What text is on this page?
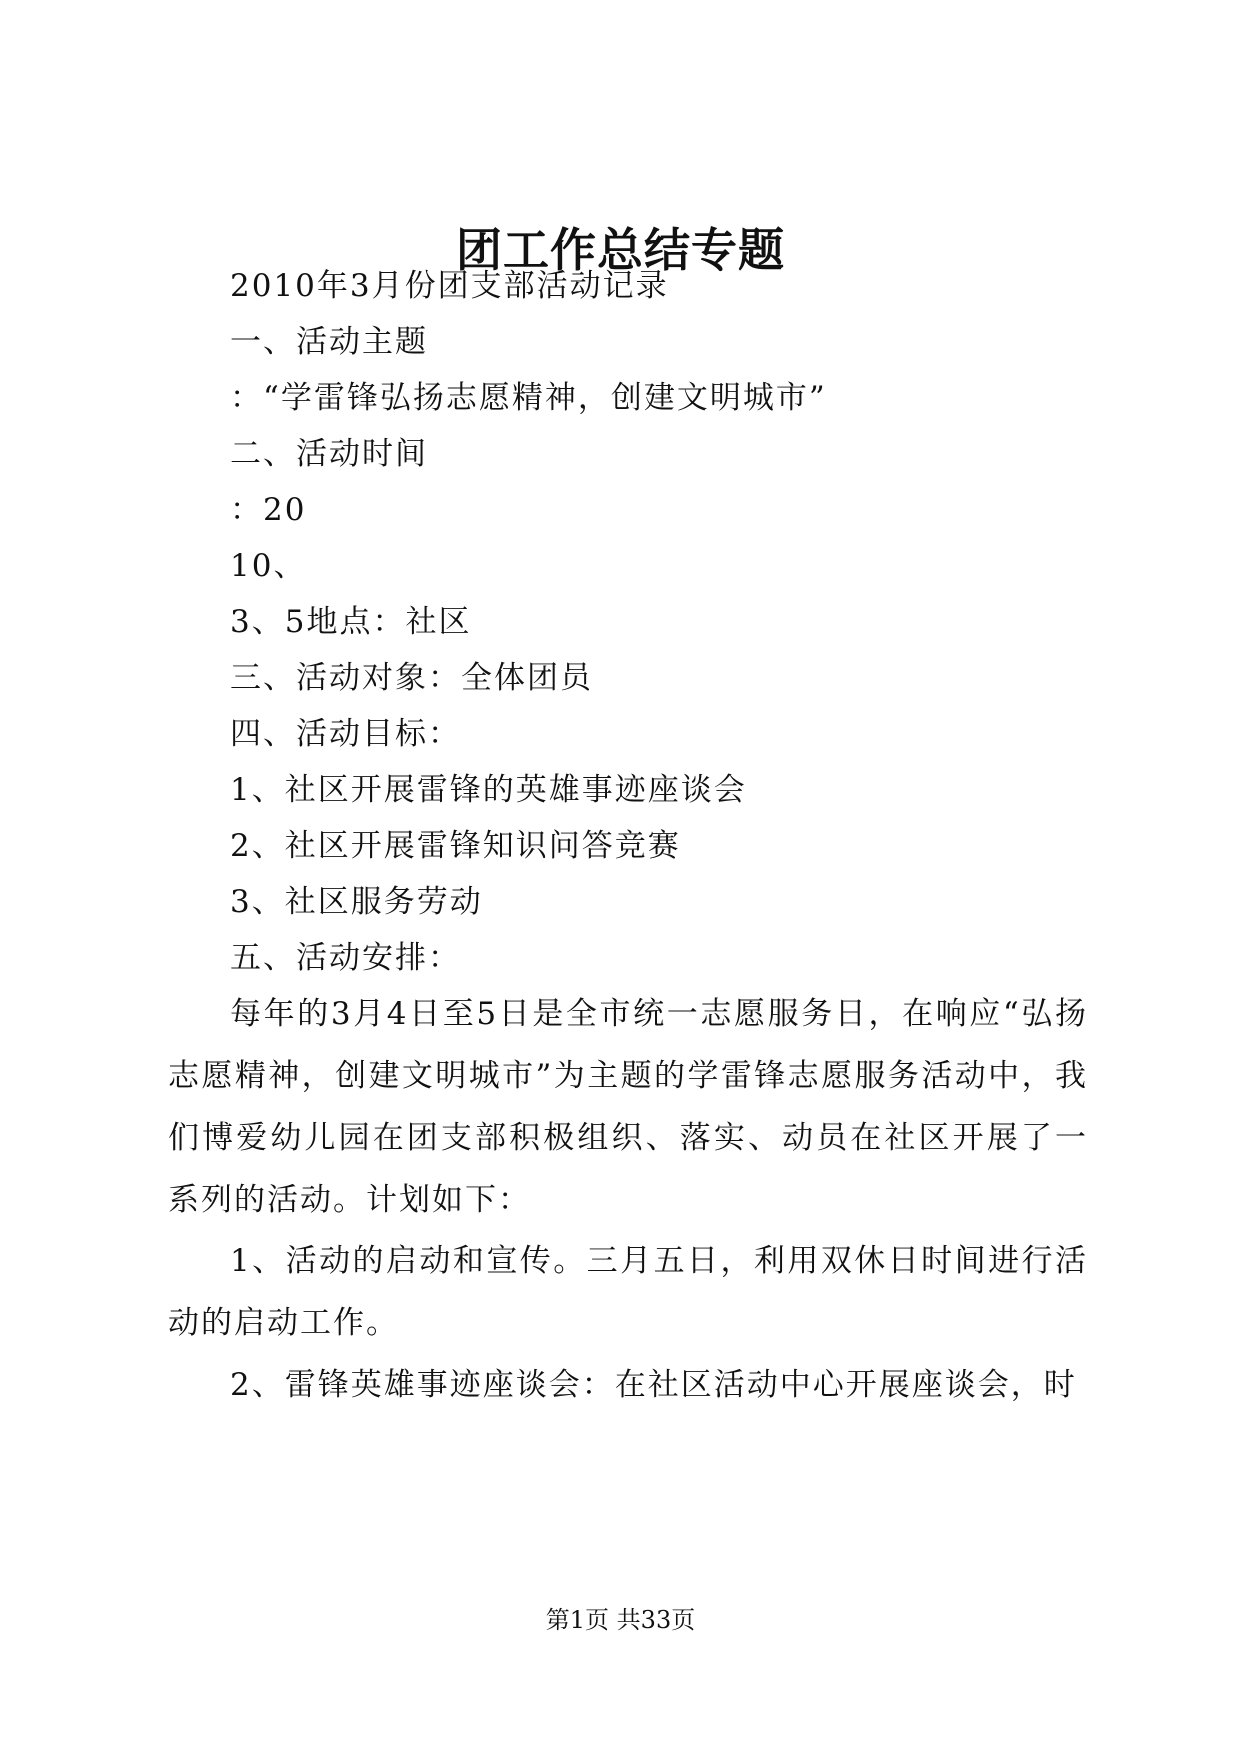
团工作总结专题
2010年3月份团支部活动记录
一、活动主题
：“学雷锋弘扬志愿精神，创建文明城市”
二、活动时间
：20
10、
3、5地点：社区
三、活动对象：全体团员
四、活动目标：
1、社区开展雷锋的英雄事迹座谈会
2、社区开展雷锋知识问答竞赛
3、社区服务劳动
五、活动安排：
每年的3月4日至5日是全市统一志愿服务日，在响应“弘扬志愿精神，创建文明城市”为主题的学雷锋志愿服务活动中，我们博爱幼儿园在团支部积极组织、落实、动员在社区开展了一系列的活动。计划如下：
1、活动的启动和宣传。三月五日，利用双休日时间进行活动的启动工作。
2、雷锋英雄事迹座谈会：在社区活动中心开展座谈会，时
第1页 共33页
